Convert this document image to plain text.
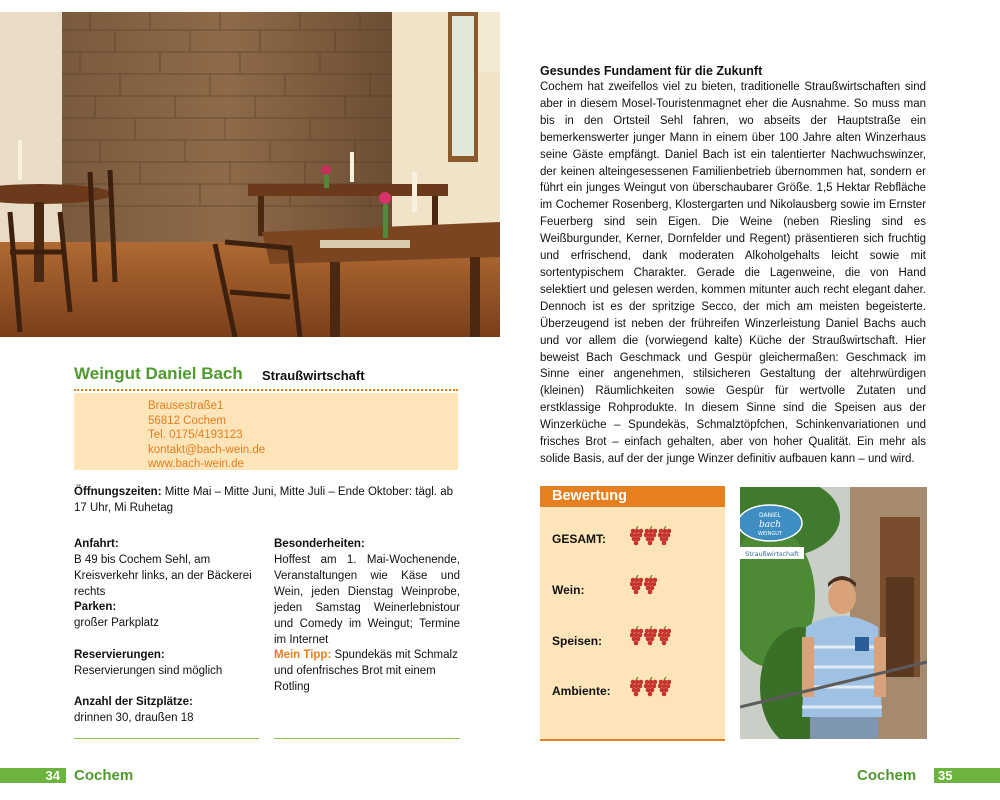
Weingut Daniel Bach Straußwirtschaft
Brausestraße1
56812 Cochem
Tel. 0175/4193123
kontakt@bach-wein.de
www.bach-wein.de
Öffnungszeiten: Mitte Mai – Mitte Juni, Mitte Juli – Ende Oktober: tägl. ab 17 Uhr, Mi Ruhetag
Anfahrt:
B 49 bis Cochem Sehl, am Kreisverkehr links, an der Bäckerei rechts
Parken:
großer Parkplatz
Reservierungen:
Reservierungen sind möglich
Anzahl der Sitzplätze:
drinnen 30, draußen 18
Besonderheiten:
Hoffest am 1. Mai-Wochenende, Veranstaltungen wie Käse und Wein, jeden Dienstag Weinprobe, jeden Samstag Weinerlebnistour und Comedy im Weingut; Termine im Internet
Mein Tipp: Spundekäs mit Schmalz und ofenfrisches Brot mit einem Rotling
Gesundes Fundament für die Zukunft

Cochem hat zweifellos viel zu bieten, traditionelle Straußwirtschaften sind aber in diesem Mosel-Touristenmagnet eher die Ausnahme. So muss man bis in den Ortsteil Sehl fahren, wo abseits der Hauptstraße ein bemerkenswerter junger Mann in einem über 100 Jahre alten Winzerhaus seine Gäste empfängt. Daniel Bach ist ein talentierter Nachwuchswinzer, der keinen alteingesessenen Familienbetrieb übernommen hat, sondern er führt ein junges Weingut von überschaubarer Größe. 1,5 Hektar Rebfläche im Cochemer Rosenberg, Klostergarten und Nikolausberg sowie im Ernster Feuerberg sind sein Eigen. Die Weine (neben Riesling sind es Weißburgunder, Kerner, Dornfelder und Regent) präsentieren sich fruchtig und erfrischend, dank moderaten Alkoholgehalts leicht sowie mit sortentypischem Charakter. Gerade die Lagenweine, die von Hand selektiert und gelesen werden, kommen mitunter auch recht elegant daher. Dennoch ist es der spritzige Secco, der mich am meisten begeisterte. Überzeugend ist neben der frühreifen Winzerleistung Daniel Bachs auch und vor allem die (vorwiegend kalte) Küche der Straußwirtschaft. Hier beweist Bach Geschmack und Gespür gleichermaßen: Geschmack im Sinne einer angenehmen, stilsicheren Gestaltung der altehrwürdigen (kleinen) Räumlichkeiten sowie Gespür für wertvolle Zutaten und erstklassige Rohprodukte. In diesem Sinne sind die Speisen aus der Winzerküche – Spundekäs, Schmalztöpfchen, Schinkenvariationen und frisches Brot – einfach gehalten, aber von hoher Qualität. Ein mehr als solide Basis, auf der der junge Winzer definitiv aufbauen kann – und wird.

Bewertung
GESAMT:
Wein:
Speisen:
Ambiente:
DANIEL
bach
WEINGUT
Straußwirtschaft
34 Cochem	Cochem 35
